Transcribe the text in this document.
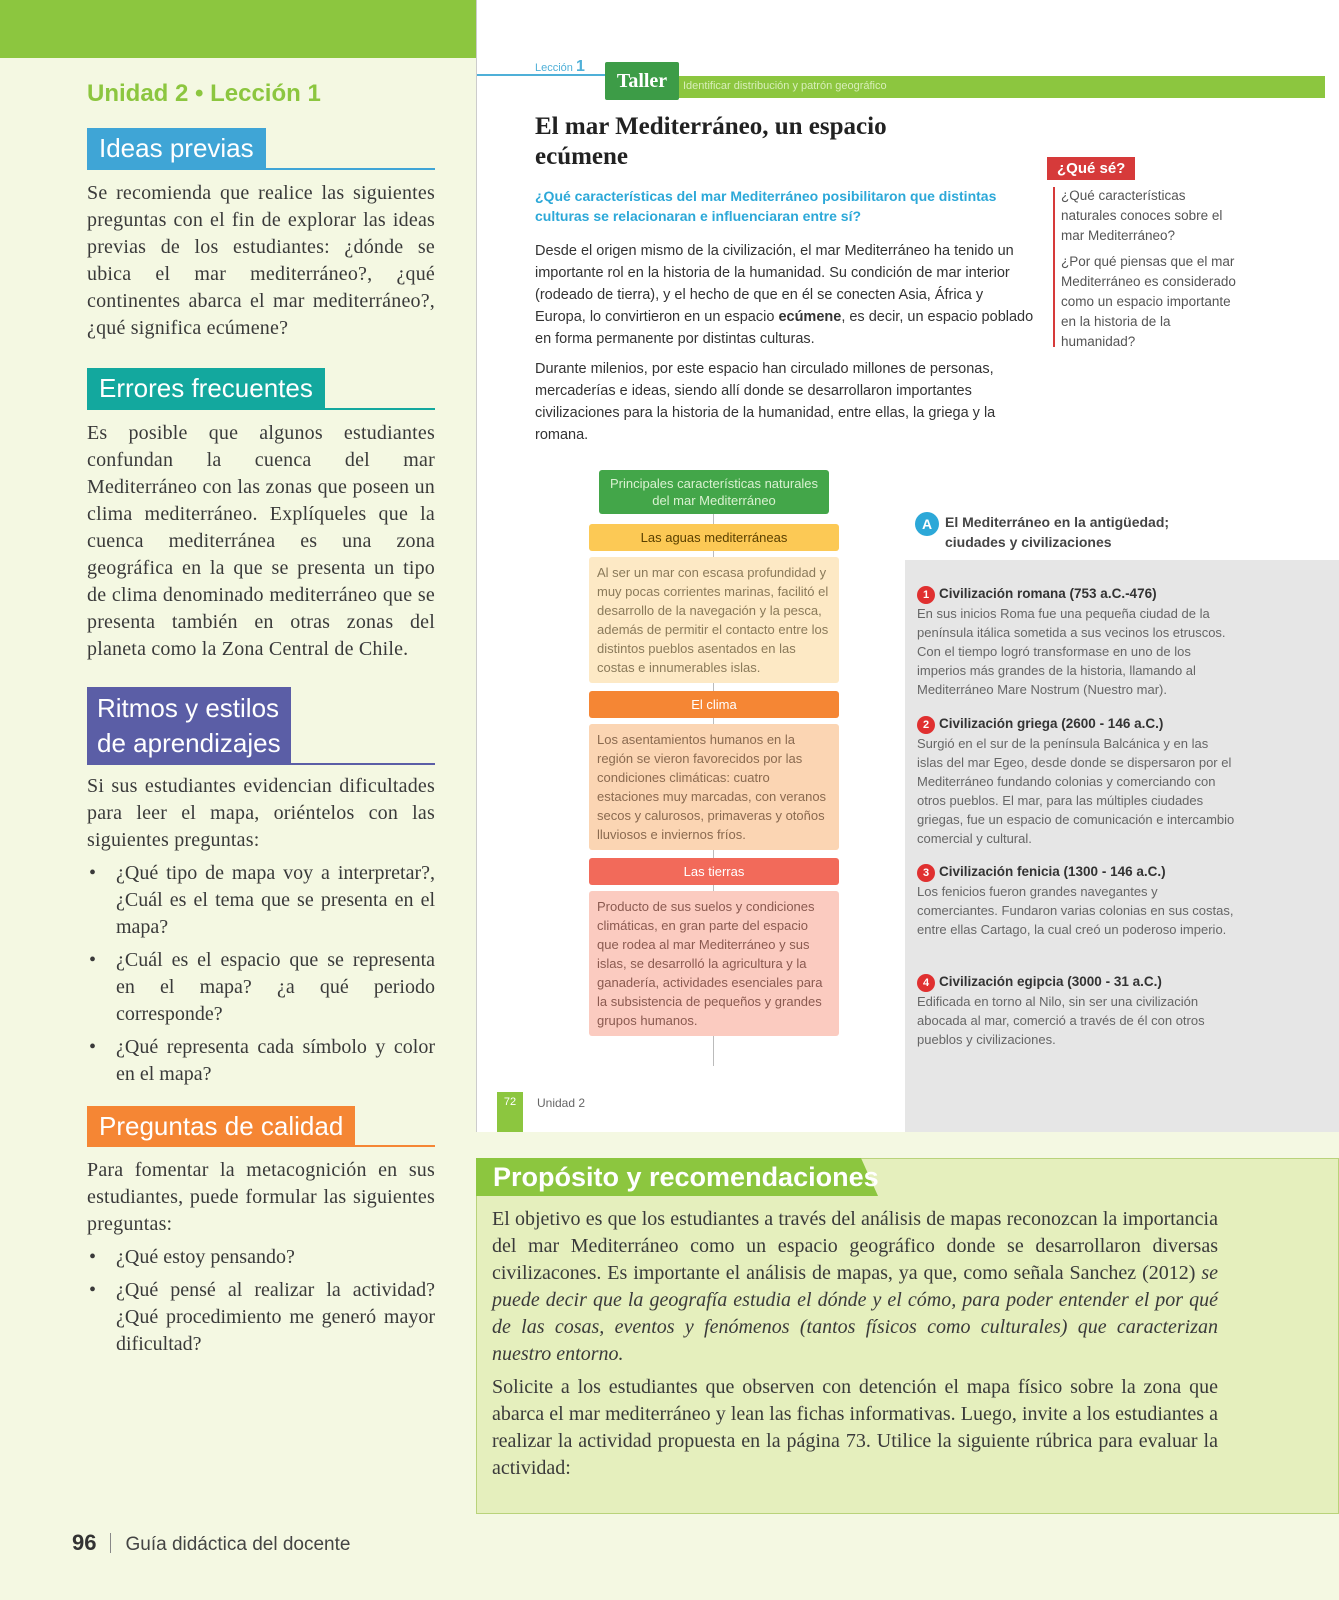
Unidad 2 • Lección 1
Ideas previas
Se recomienda que realice las siguientes preguntas con el fin de explorar las ideas previas de los estudiantes: ¿dónde se ubica el mar mediterráneo?, ¿qué continentes abarca el mar mediterráneo?, ¿qué significa ecúmene?
Errores frecuentes
Es posible que algunos estudiantes confundan la cuenca del mar Mediterráneo con las zonas que poseen un clima mediterráneo. Explíqueles que la cuenca mediterránea es una zona geográfica en la que se presenta un tipo de clima denominado mediterráneo que se presenta también en otras zonas del planeta como la Zona Central de Chile.
Ritmos y estilos
de aprendizajes
Si sus estudiantes evidencian dificultades para leer el mapa, oriéntelos con las siguientes preguntas:
• ¿Qué tipo de mapa voy a interpretar?, ¿Cuál es el tema que se presenta en el mapa?
• ¿Cuál es el espacio que se representa en el mapa? ¿a qué periodo corresponde?
• ¿Qué representa cada símbolo y color en el mapa?
Preguntas de calidad
Para fomentar la metacognición en sus estudiantes, puede formular las siguientes preguntas:
• ¿Qué estoy pensando?
• ¿Qué pensé al realizar la actividad? ¿Qué procedimiento me generó mayor dificultad?
Lección 1
Identificar distribución y patrón geográfico
Taller
El mar Mediterráneo, un espacio ecúmene
¿Qué características del mar Mediterráneo posibilitaron que distintas culturas se relacionaran e influenciaran entre sí?
Desde el origen mismo de la civilización, el mar Mediterráneo ha tenido un importante rol en la historia de la humanidad. Su condición de mar interior (rodeado de tierra), y el hecho de que en él se conecten Asia, África y Europa, lo convirtieron en un espacio ecúmene, es decir, un espacio poblado en forma permanente por distintas culturas.
Durante milenios, por este espacio han circulado millones de personas, mercaderías e ideas, siendo allí donde se desarrollaron importantes civilizaciones para la historia de la humanidad, entre ellas, la griega y la romana.
¿Qué sé?

¿Qué características naturales conoces sobre el mar Mediterráneo?

¿Por qué piensas que el mar Mediterráneo es considerado como un espacio importante en la historia de la humanidad?

Principales características naturales del mar Mediterráneo
Las aguas mediterráneas
Al ser un mar con escasa profundidad y muy pocas corrientes marinas, facilitó el desarrollo de la navegación y la pesca, además de permitir el contacto entre los distintos pueblos asentados en las costas e innumerables islas.
El clima
Los asentamientos humanos en la región se vieron favorecidos por las condiciones climáticas: cuatro estaciones muy marcadas, con veranos secos y calurosos, primaveras y otoños lluviosos e inviernos fríos.
Las tierras
Producto de sus suelos y condiciones climáticas, en gran parte del espacio que rodea al mar Mediterráneo y sus islas, se desarrolló la agricultura y la ganadería, actividades esenciales para la subsistencia de pequeños y grandes grupos humanos.
A El Mediterráneo en la antigüedad;
ciudades y civilizaciones
1 Civilización romana (753 a.C.-476)
En sus inicios Roma fue una pequeña ciudad de la península itálica sometida a sus vecinos los etruscos. Con el tiempo logró transformase en uno de los imperios más grandes de la historia, llamando al Mediterráneo Mare Nostrum (Nuestro mar).
2 Civilización griega (2600 - 146 a.C.)
Surgió en el sur de la península Balcánica y en las islas del mar Egeo, desde donde se dispersaron por el Mediterráneo fundando colonias y comerciando con otros pueblos. El mar, para las múltiples ciudades griegas, fue un espacio de comunicación e intercambio comercial y cultural.
3 Civilización fenicia (1300 - 146 a.C.)
Los fenicios fueron grandes navegantes y comerciantes. Fundaron varias colonias en sus costas, entre ellas Cartago, la cual creó un poderoso imperio.
4 Civilización egipcia (3000 - 31 a.C.)
Edificada en torno al Nilo, sin ser una civilización abocada al mar, comerció a través de él con otros pueblos y civilizaciones.
72	Unidad 2
Propósito y recomendaciones

El objetivo es que los estudiantes a través del análisis de mapas reconozcan la importancia del mar Mediterráneo como un espacio geográfico donde se desarrollaron diversas civilizacones. Es importante el análisis de mapas, ya que, como señala Sanchez (2012) se puede decir que la geografía estudia el dónde y el cómo, para poder entender el por qué de las cosas, eventos y fenómenos (tantos físicos como culturales) que caracterizan nuestro entorno.

Solicite a los estudiantes que observen con detención el mapa físico sobre la zona que abarca el mar mediterráneo y lean las fichas informativas. Luego, invite a los estudiantes a realizar la actividad propuesta en la página 73. Utilice la siguiente rúbrica para evaluar la actividad:

96 Guía didáctica del docente
